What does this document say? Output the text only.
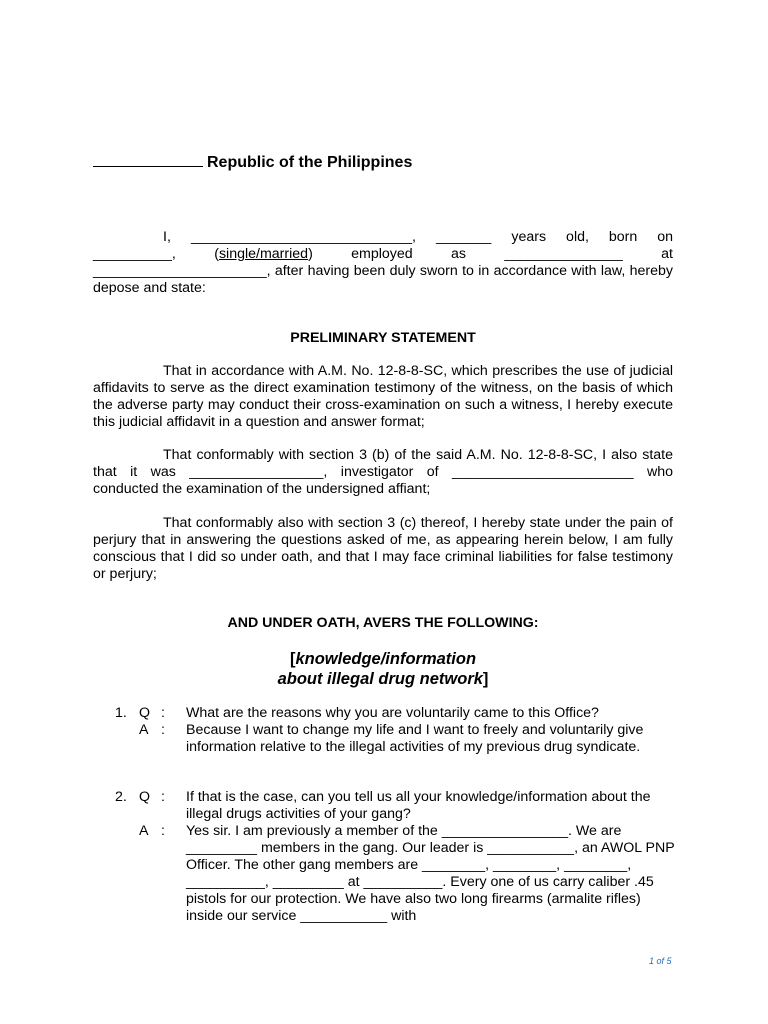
Republic of the Philippines
I, ____________________________, _______ years old, born on
__________,	(single/married)	employed	as	_______________	at

______________________, after having been duly sworn to in accordance with law, hereby depose and state:

PRELIMINARY STATEMENT

That in accordance with A.M. No. 12-8-8-SC, which prescribes the use of judicial affidavits to serve as the direct examination testimony of the witness, on the basis of which the adverse party may conduct their cross-examination on such a witness, I hereby execute this judicial affidavit in a question and answer format;

That conformably with section 3 (b) of the said A.M. No. 12-8-8-SC, I also state that it was _________________, investigator of _______________________ who conducted the examination of the undersigned affiant;

That conformably also with section 3 (c) thereof, I hereby state under the pain of perjury that in answering the questions asked of me, as appearing herein below, I am fully conscious that I did so under oath, and that I may face criminal liabilities for false testimony or perjury;

AND UNDER OATH, AVERS THE FOLLOWING:
[knowledge/information
about illegal drug network]
1. Q :	What are the reasons why you are voluntarily came to this Office?
A :	Because I want to change my life and I want to freely and voluntarily give information relative to the illegal activities of my previous drug syndicate.
2. Q :	If that is the case, can you tell us all your knowledge/information about the illegal drugs activities of your gang?
A :	Yes sir. I am previously a member of the ________________. We are _________ members in the gang. Our leader is ___________, an AWOL PNP Officer. The other gang members are ________, ________, ________, __________, _________ at __________. Every one of us carry caliber .45 pistols for our protection. We have also two long firearms (armalite rifles) inside our service ___________ with
1 of 5
